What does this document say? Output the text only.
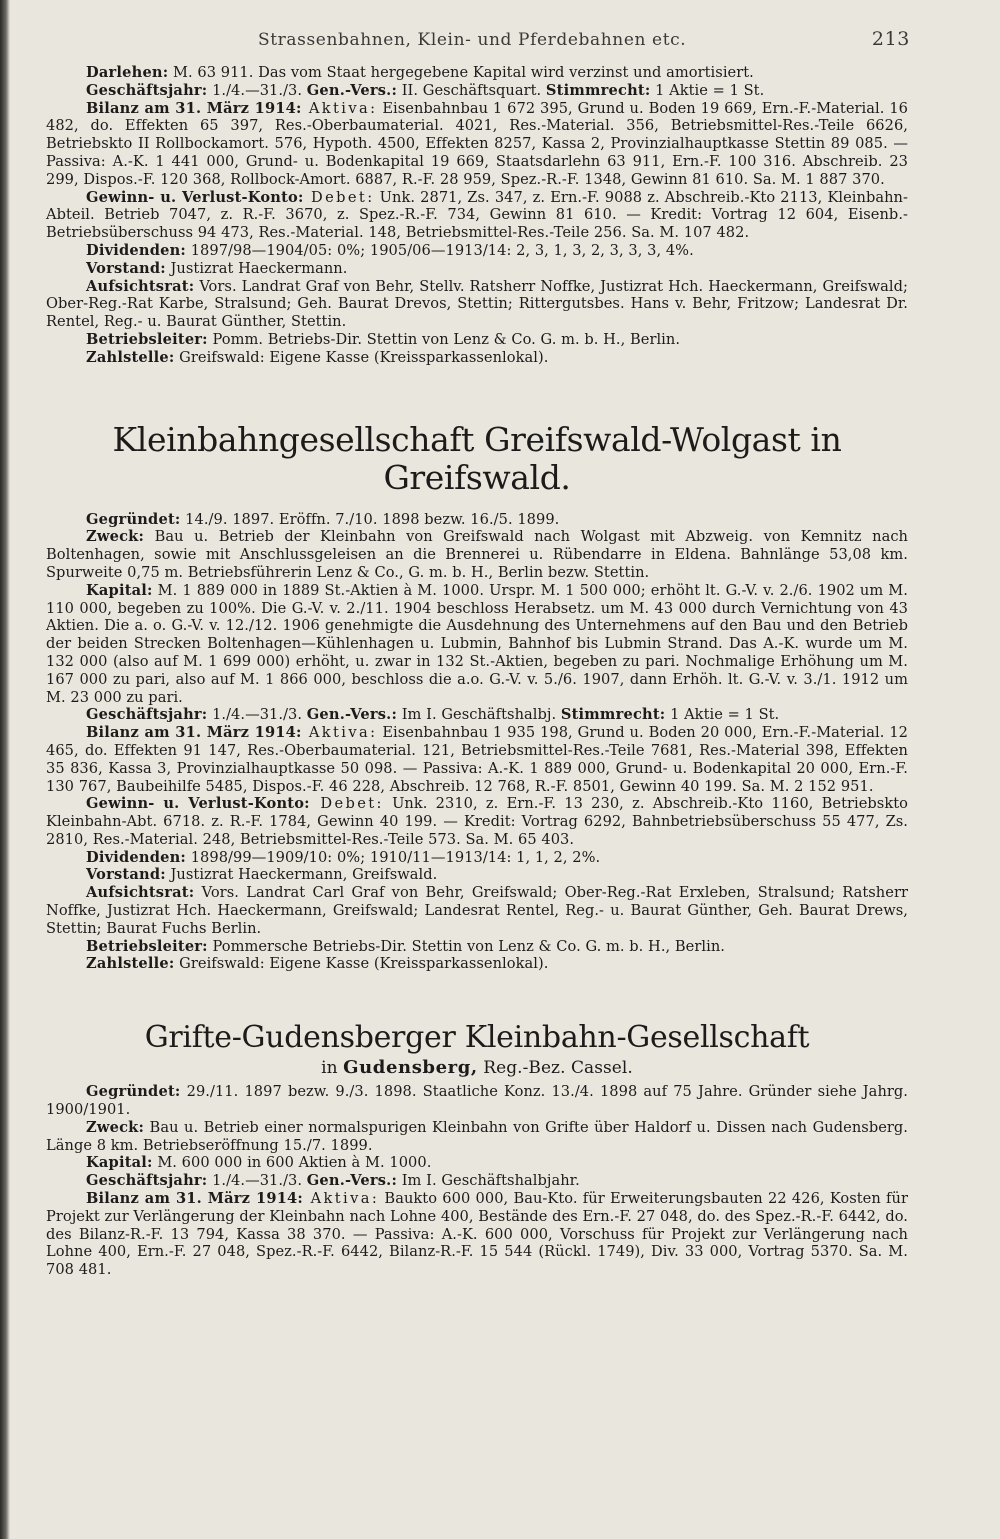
Strassenbahnen, Klein- und Pferdebahnen etc.	213

Darlehen: M. 63 911. Das vom Staat hergegebene Kapital wird verzinst und amortisiert.

Geschäftsjahr: 1./4.—31./3. Gen.-Vers.: II. Geschäftsquart. Stimmrecht: 1 Aktie = 1 St.

Bilanz am 31. März 1914: Aktiva: Eisenbahnbau 1 672 395, Grund u. Boden 19 669, Ern.-F.-Material. 16 482, do. Effekten 65 397, Res.-Oberbaumaterial. 4021, Res.-Material. 356, Betriebsmittel-Res.-Teile 6626, Betriebskto II Rollbockamort. 576, Hypoth. 4500, Effekten 8257, Kassa 2, Provinzialhauptkasse Stettin 89 085. — Passiva: A.-K. 1 441 000, Grund- u. Bodenkapital 19 669, Staatsdarlehn 63 911, Ern.-F. 100 316. Abschreib. 23 299, Dispos.-F. 120 368, Rollbock-Amort. 6887, R.-F. 28 959, Spez.-R.-F. 1348, Gewinn 81 610. Sa. M. 1 887 370.

Gewinn- u. Verlust-Konto: Debet: Unk. 2871, Zs. 347, z. Ern.-F. 9088 z. Abschreib.-Kto 2113, Kleinbahn-Abteil. Betrieb 7047, z. R.-F. 3670, z. Spez.-R.-F. 734, Gewinn 81 610. — Kredit: Vortrag 12 604, Eisenb.-Betriebsüberschuss 94 473, Res.-Material. 148, Betriebsmittel-Res.-Teile 256. Sa. M. 107 482.

Dividenden: 1897/98—1904/05: 0%; 1905/06—1913/14: 2, 3, 1, 3, 2, 3, 3, 3, 4%.

Vorstand: Justizrat Haeckermann.

Aufsichtsrat: Vors. Landrat Graf von Behr, Stellv. Ratsherr Noffke, Justizrat Hch. Haeckermann, Greifswald; Ober-Reg.-Rat Karbe, Stralsund; Geh. Baurat Drevos, Stettin; Rittergutsbes. Hans v. Behr, Fritzow; Landesrat Dr. Rentel, Reg.- u. Baurat Günther, Stettin.

Betriebsleiter: Pomm. Betriebs-Dir. Stettin von Lenz & Co. G. m. b. H., Berlin.

Zahlstelle: Greifswald: Eigene Kasse (Kreissparkassenlokal).

Kleinbahngesellschaft Greifswald-Wolgast in Greifswald.

Gegründet: 14./9. 1897. Eröffn. 7./10. 1898 bezw. 16./5. 1899.

Zweck: Bau u. Betrieb der Kleinbahn von Greifswald nach Wolgast mit Abzweig. von Kemnitz nach Boltenhagen, sowie mit Anschlussgeleisen an die Brennerei u. Rübendarre in Eldena. Bahnlänge 53,08 km. Spurweite 0,75 m. Betriebsführerin Lenz & Co., G. m. b. H., Berlin bezw. Stettin.

Kapital: M. 1 889 000 in 1889 St.-Aktien à M. 1000. Urspr. M. 1 500 000; erhöht lt. G.-V. v. 2./6. 1902 um M. 110 000, begeben zu 100%. Die G.-V. v. 2./11. 1904 beschloss Herabsetz. um M. 43 000 durch Vernichtung von 43 Aktien. Die a. o. G.-V. v. 12./12. 1906 genehmigte die Ausdehnung des Unternehmens auf den Bau und den Betrieb der beiden Strecken Boltenhagen—Kühlenhagen u. Lubmin, Bahnhof bis Lubmin Strand. Das A.-K. wurde um M. 132 000 (also auf M. 1 699 000) erhöht, u. zwar in 132 St.-Aktien, begeben zu pari. Nochmalige Erhöhung um M. 167 000 zu pari, also auf M. 1 866 000, beschloss die a.o. G.-V. v. 5./6. 1907, dann Erhöh. lt. G.-V. v. 3./1. 1912 um M. 23 000 zu pari.

Geschäftsjahr: 1./4.—31./3. Gen.-Vers.: Im I. Geschäftshalbj. Stimmrecht: 1 Aktie = 1 St.

Bilanz am 31. März 1914: Aktiva: Eisenbahnbau 1 935 198, Grund u. Boden 20 000, Ern.-F.-Material. 12 465, do. Effekten 91 147, Res.-Oberbaumaterial. 121, Betriebsmittel-Res.-Teile 7681, Res.-Material 398, Effekten 35 836, Kassa 3, Provinzialhauptkasse 50 098. — Passiva: A.-K. 1 889 000, Grund- u. Bodenkapital 20 000, Ern.-F. 130 767, Baubeihilfe 5485, Dispos.-F. 46 228, Abschreib. 12 768, R.-F. 8501, Gewinn 40 199. Sa. M. 2 152 951.

Gewinn- u. Verlust-Konto: Debet: Unk. 2310, z. Ern.-F. 13 230, z. Abschreib.-Kto 1160, Betriebskto Kleinbahn-Abt. 6718. z. R.-F. 1784, Gewinn 40 199. — Kredit: Vortrag 6292, Bahnbetriebsüberschuss 55 477, Zs. 2810, Res.-Material. 248, Betriebsmittel-Res.-Teile 573. Sa. M. 65 403.

Dividenden: 1898/99—1909/10: 0%; 1910/11—1913/14: 1, 1, 2, 2%.

Vorstand: Justizrat Haeckermann, Greifswald.

Aufsichtsrat: Vors. Landrat Carl Graf von Behr, Greifswald; Ober-Reg.-Rat Erxleben, Stralsund; Ratsherr Noffke, Justizrat Hch. Haeckermann, Greifswald; Landesrat Rentel, Reg.- u. Baurat Günther, Geh. Baurat Drews, Stettin; Baurat Fuchs Berlin.

Betriebsleiter: Pommersche Betriebs-Dir. Stettin von Lenz & Co. G. m. b. H., Berlin.

Zahlstelle: Greifswald: Eigene Kasse (Kreissparkassenlokal).

Grifte-Gudensberger Kleinbahn-Gesellschaft
in Gudensberg, Reg.-Bez. Cassel.

Gegründet: 29./11. 1897 bezw. 9./3. 1898. Staatliche Konz. 13./4. 1898 auf 75 Jahre. Gründer siehe Jahrg. 1900/1901.

Zweck: Bau u. Betrieb einer normalspurigen Kleinbahn von Grifte über Haldorf u. Dissen nach Gudensberg. Länge 8 km. Betriebseröffnung 15./7. 1899.

Kapital: M. 600 000 in 600 Aktien à M. 1000.

Geschäftsjahr: 1./4.—31./3. Gen.-Vers.: Im I. Geschäftshalbjahr.

Bilanz am 31. März 1914: Aktiva: Baukto 600 000, Bau-Kto. für Erweiterungsbauten 22 426, Kosten für Projekt zur Verlängerung der Kleinbahn nach Lohne 400, Bestände des Ern.-F. 27 048, do. des Spez.-R.-F. 6442, do. des Bilanz-R.-F. 13 794, Kassa 38 370. — Passiva: A.-K. 600 000, Vorschuss für Projekt zur Verlängerung nach Lohne 400, Ern.-F. 27 048, Spez.-R.-F. 6442, Bilanz-R.-F. 15 544 (Rückl. 1749), Div. 33 000, Vortrag 5370. Sa. M. 708 481.
